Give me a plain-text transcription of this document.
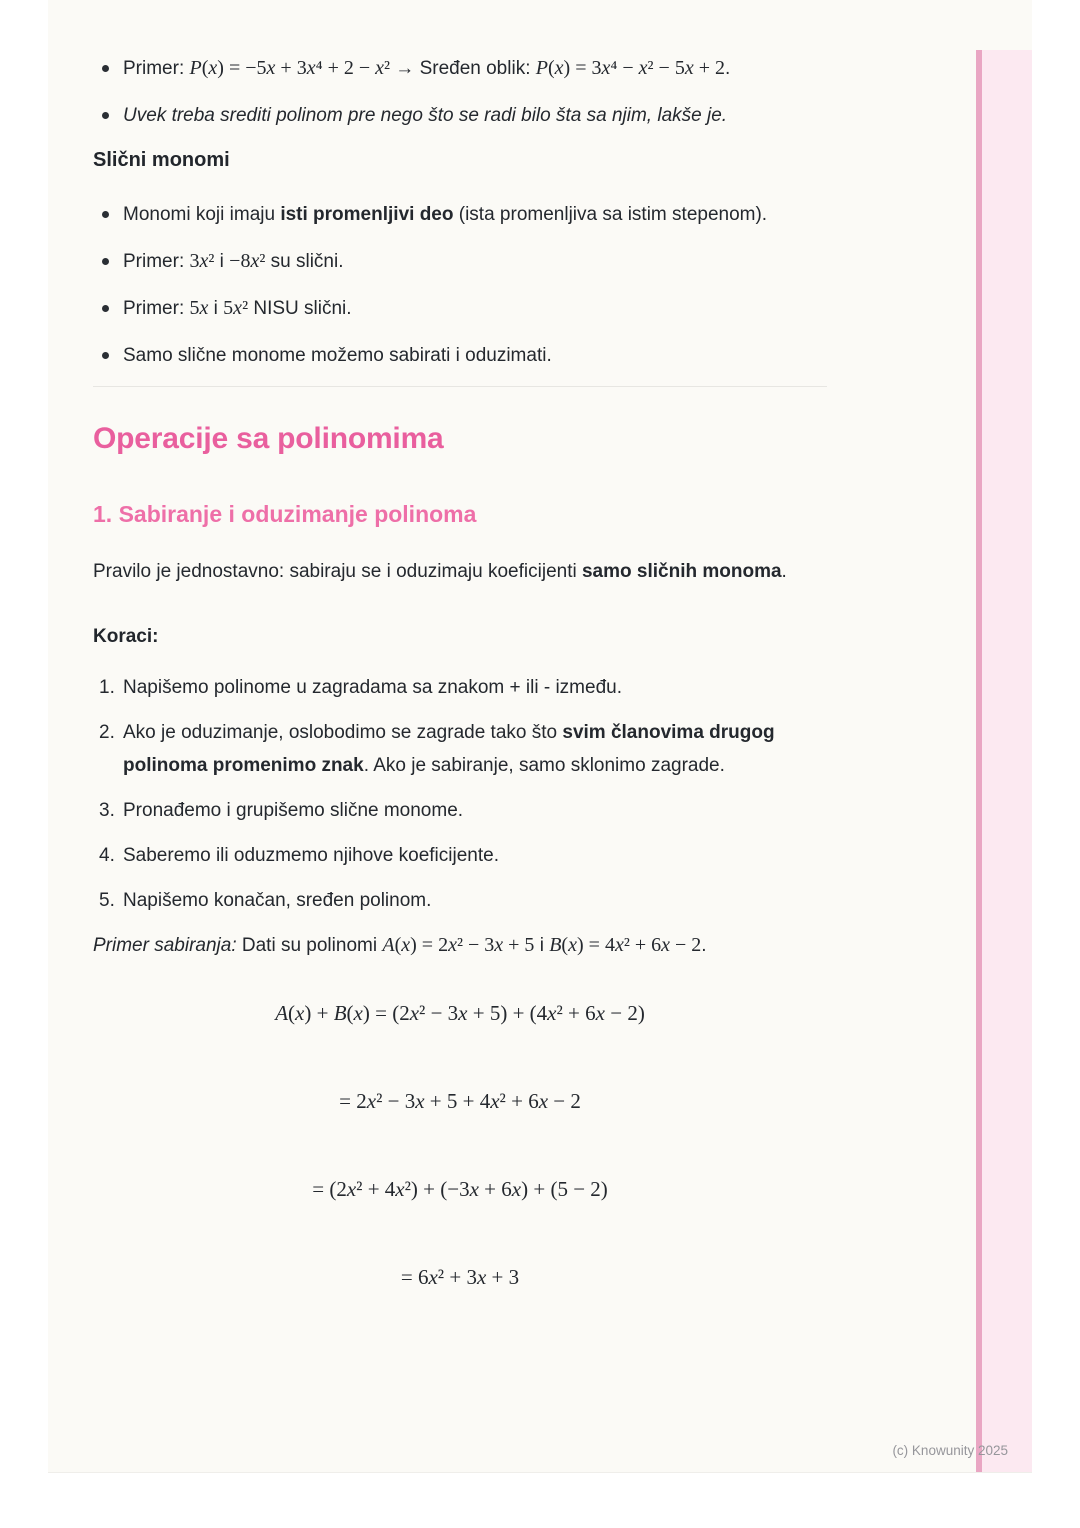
Primer: P(x) = −5x + 3x⁴ + 2 − x² → Sređen oblik: P(x) = 3x⁴ − x² − 5x + 2.
Uvek treba srediti polinom pre nego što se radi bilo šta sa njim, lakše je.
Slični monomi
Monomi koji imaju isti promenljivi deo (ista promenljiva sa istim stepenom).
Primer: 3x² i −8x² su slični.
Primer: 5x i 5x² NISU slični.
Samo slične monome možemo sabirati i oduzimati.
Operacije sa polinomima
1. Sabiranje i oduzimanje polinoma

Pravilo je jednostavno: sabiraju se i oduzimaju koeficijenti samo sličnih monoma.

Koraci:
1. Napišemo polinome u zagradama sa znakom + ili - između.
2. Ako je oduzimanje, oslobodimo se zagrade tako što svim članovima drugog polinoma promenimo znak. Ako je sabiranje, samo sklonimo zagrade.
3. Pronađemo i grupišemo slične monome.
4. Saberemo ili oduzmemo njihove koeficijente.
5. Napišemo konačan, sređen polinom.

Primer sabiranja: Dati su polinomi A(x) = 2x² − 3x + 5 i B(x) = 4x² + 6x − 2.

A(x) + B(x) = (2x² − 3x + 5) + (4x² + 6x − 2)
= 2x² − 3x + 5 + 4x² + 6x − 2
= (2x² + 4x²) + (−3x + 6x) + (5 − 2)
= 6x² + 3x + 3
(c) Knowunity 2025
